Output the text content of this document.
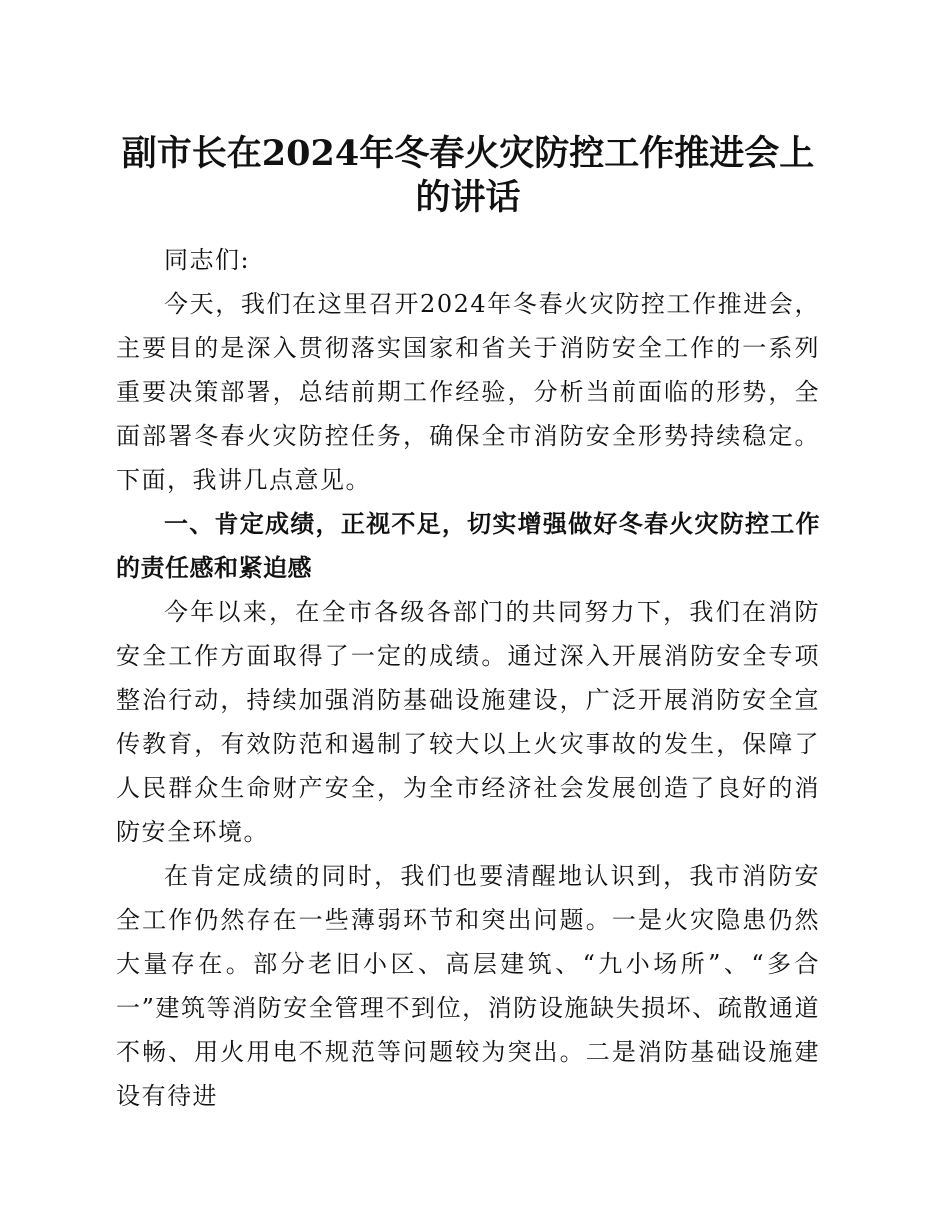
副市长在2024年冬春火灾防控工作推进会上的讲话

同志们:

今天，我们在这里召开2024年冬春火灾防控工作推进会，主要目的是深入贯彻落实国家和省关于消防安全工作的一系列重要决策部署，总结前期工作经验，分析当前面临的形势，全面部署冬春火灾防控任务，确保全市消防安全形势持续稳定。下面，我讲几点意见。

一、肯定成绩，正视不足，切实增强做好冬春火灾防控工作的责任感和紧迫感

今年以来，在全市各级各部门的共同努力下，我们在消防安全工作方面取得了一定的成绩。通过深入开展消防安全专项整治行动，持续加强消防基础设施建设，广泛开展消防安全宣传教育，有效防范和遏制了较大以上火灾事故的发生，保障了人民群众生命财产安全，为全市经济社会发展创造了良好的消防安全环境。

在肯定成绩的同时，我们也要清醒地认识到，我市消防安全工作仍然存在一些薄弱环节和突出问题。一是火灾隐患仍然大量存在。部分老旧小区、高层建筑、“九小场所”、“多合一”建筑等消防安全管理不到位，消防设施缺失损坏、疏散通道不畅、用火用电不规范等问题较为突出。二是消防基础设施建设有待进
